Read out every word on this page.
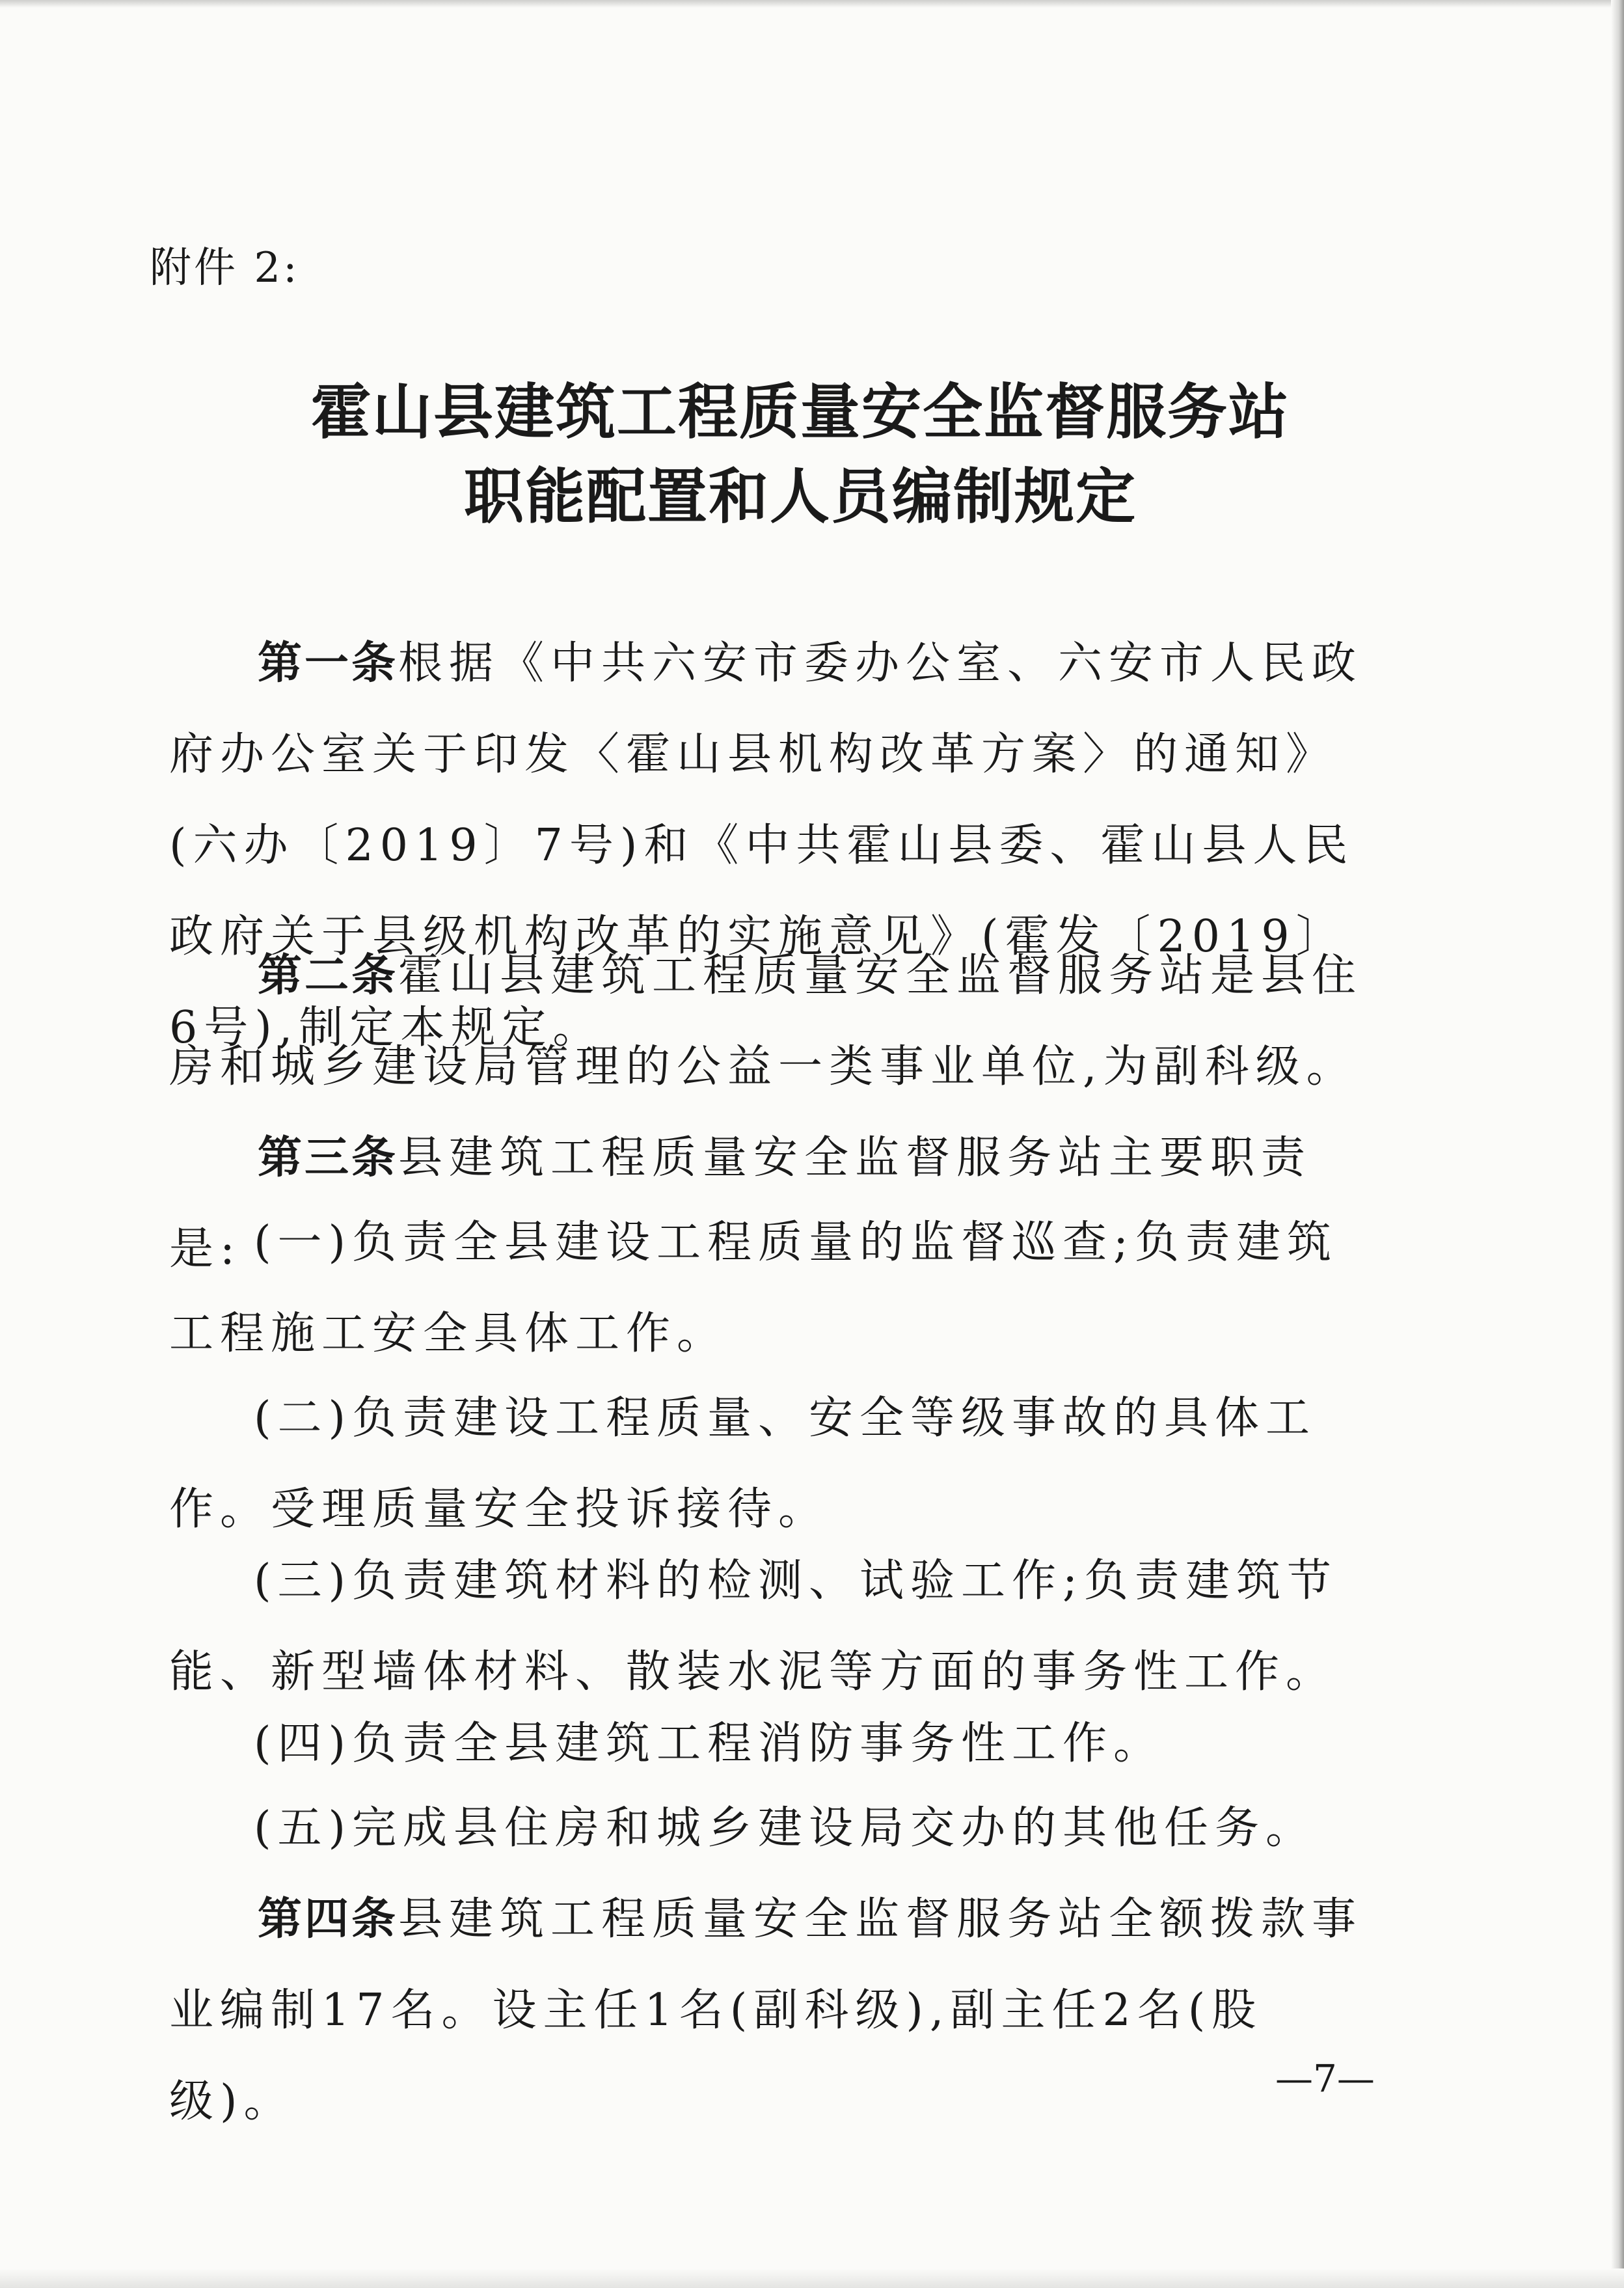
附件 2:
霍山县建筑工程质量安全监督服务站
职能配置和人员编制规定
第一条根据《中共六安市委办公室、六安市人民政府办公室关于印发〈霍山县机构改革方案〉的通知》(六办〔2019〕7号)和《中共霍山县委、霍山县人民政府关于县级机构改革的实施意见》(霍发〔2019〕6号),制定本规定。
第二条霍山县建筑工程质量安全监督服务站是县住房和城乡建设局管理的公益一类事业单位,为副科级。
第三条县建筑工程质量安全监督服务站主要职责是: (一)负责全县建设工程质量的监督巡查;负责建筑工程施工安全具体工作。
(二)负责建设工程质量、安全等级事故的具体工作。受理质量安全投诉接待。
(三)负责建筑材料的检测、试验工作;负责建筑节能、新型墙体材料、散装水泥等方面的事务性工作。
(四)负责全县建筑工程消防事务性工作。
(五)完成县住房和城乡建设局交办的其他任务。
第四条县建筑工程质量安全监督服务站全额拨款事业编制17名。设主任1名(副科级),副主任2名(股级)。	—7—
